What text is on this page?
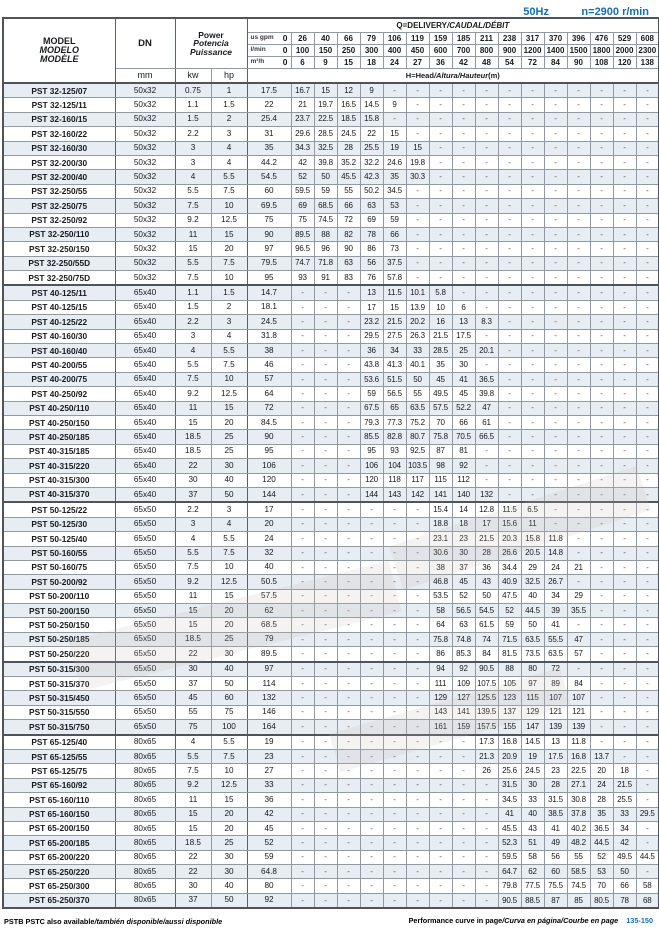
50Hz	n=2900 r/min
MODEL
MODELO
MODÈLE	DN	Power
Potencia
Puissance		Q=DELIVERY/CAUDAL/DÉBIT																

				us gpm 0	26	40	66	79	106	119	159	185	211	238	317	370	396	476	529	608

				l/min 0	100	150	250	300	400	450	600	700	800	900	1200	1400	1500	1800	2000	2300

				m³/h 0	6	9	15	18	24	27	36	42	48	54	72	84	90	108	120	138
	mm	kw	hp	H=Head/Altura/Hauteur(m)																
PST 32-125/07	50x32	0.75	1	17.5	16.7	15	12	9	-	-	-	-	-	-	-	-	-	-	-	-
PST 32-125/11	50x32	1.1	1.5	22	21	19.7	16.5	14.5	9	-	-	-	-	-	-	-	-	-	-	-
PST 32-160/15	50x32	1.5	2	25.4	23.7	22.5	18.5	15.8	-	-	-	-	-	-	-	-	-	-	-	-
PST 32-160/22	50x32	2.2	3	31	29.6	28.5	24.5	22	15	-	-	-	-	-	-	-	-	-	-	-
PST 32-160/30	50x32	3	4	35	34.3	32.5	28	25.5	19	15	-	-	-	-	-	-	-	-	-	-
PST 32-200/30	50x32	3	4	44.2	42	39.8	35.2	32.2	24.6	19.8	-	-	-	-	-	-	-	-	-	-
PST 32-200/40	50x32	4	5.5	54.5	52	50	45.5	42.3	35	30.3	-	-	-	-	-	-	-	-	-	-
PST 32-250/55	50x32	5.5	7.5	60	59.5	59	55	50.2	34.5	-	-	-	-	-	-	-	-	-	-	-
PST 32-250/75	50x32	7.5	10	69.5	69	68.5	66	63	53	-	-	-	-	-	-	-	-	-	-	-
PST 32-250/92	50x32	9.2	12.5	75	75	74.5	72	69	59	-	-	-	-	-	-	-	-	-	-	-
PST 32-250/110	50x32	11	15	90	89.5	88	82	78	66	-	-	-	-	-	-	-	-	-	-	-
PST 32-250/150	50x32	15	20	97	96.5	96	90	86	73	-	-	-	-	-	-	-	-	-	-	-
PST 32-250/55D	50x32	5.5	7.5	79.5	74.7	71.8	63	56	37.5	-	-	-	-	-	-	-	-	-	-	-
PST 32-250/75D	50x32	7.5	10	95	93	91	83	76	57.8	-	-	-	-	-	-	-	-	-	-	-
PST 40-125/11	65x40	1.1	1.5	14.7	-	-	-	13	11.5	10.1	5.8	-	-	-	-	-	-	-	-	-
PST 40-125/15	65x40	1.5	2	18.1	-	-	-	17	15	13.9	10	6	-	-	-	-	-	-	-	-
PST 40-125/22	65x40	2.2	3	24.5	-	-	-	23.2	21.5	20.2	16	13	8.3	-	-	-	-	-	-	-
PST 40-160/30	65x40	3	4	31.8	-	-	-	29.5	27.5	26.3	21.5	17.5	-	-	-	-	-	-	-	-
PST 40-160/40	65x40	4	5.5	38	-	-	-	36	34	33	28.5	25	20.1	-	-	-	-	-	-	-
PST 40-200/55	65x40	5.5	7.5	46	-	-	-	43.8	41.3	40.1	35	30	-	-	-	-	-	-	-	-
PST 40-200/75	65x40	7.5	10	57	-	-	-	53.6	51.5	50	45	41	36.5	-	-	-	-	-	-	-
PST 40-250/92	65x40	9.2	12.5	64	-	-	-	59	56.5	55	49.5	45	39.8	-	-	-	-	-	-	-
PST 40-250/110	65x40	11	15	72	-	-	-	67.5	65	63.5	57.5	52.2	47	-	-	-	-	-	-	-
PST 40-250/150	65x40	15	20	84.5	-	-	-	79.3	77.3	75.2	70	66	61	-	-	-	-	-	-	-
PST 40-250/185	65x40	18.5	25	90	-	-	-	85.5	82.8	80.7	75.8	70.5	66.5	-	-	-	-	-	-	-
PST 40-315/185	65x40	18.5	25	95	-	-	-	95	93	92.5	87	81	-	-	-	-	-	-	-	-
PST 40-315/220	65x40	22	30	106	-	-	-	106	104	103.5	98	92	-	-	-	-	-	-	-	-
PST 40-315/300	65x40	30	40	120	-	-	-	120	118	117	115	112	-	-	-	-	-	-	-	-
PST 40-315/370	65x40	37	50	144	-	-	-	144	143	142	141	140	132	-	-	-	-	-	-	-
PST 50-125/22	65x50	2.2	3	17	-	-	-	-	-	-	15.4	14	12.8	11.5	6.5	-	-	-	-	-
PST 50-125/30	65x50	3	4	20	-	-	-	-	-	-	18.8	18	17	15.6	11	-	-	-	-	-
PST 50-125/40	65x50	4	5.5	24	-	-	-	-	-	-	23.1	23	21.5	20.3	15.8	11.8	-	-	-	-
PST 50-160/55	65x50	5.5	7.5	32	-	-	-	-	-	-	30.6	30	28	26.6	20.5	14.8	-	-	-	-
PST 50-160/75	65x50	7.5	10	40	-	-	-	-	-	-	38	37	36	34.4	29	24	21	-	-	-
PST 50-200/92	65x50	9.2	12.5	50.5	-	-	-	-	-	-	46.8	45	43	40.9	32.5	26.7	-	-	-	-
PST 50-200/110	65x50	11	15	57.5	-	-	-	-	-	-	53.5	52	50	47.5	40	34	29	-	-	-
PST 50-200/150	65x50	15	20	62	-	-	-	-	-	-	58	56.5	54.5	52	44.5	39	35.5	-	-	-
PST 50-250/150	65x50	15	20	68.5	-	-	-	-	-	-	64	63	61.5	59	50	41	-	-	-	-
PST 50-250/185	65x50	18.5	25	79	-	-	-	-	-	-	75.8	74.8	74	71.5	63.5	55.5	47	-	-	-
PST 50-250/220	65x50	22	30	89.5	-	-	-	-	-	-	86	85.3	84	81.5	73.5	63.5	57	-	-	-
PST 50-315/300	65x50	30	40	97	-	-	-	-	-	-	94	92	90.5	88	80	72	-	-	-	-
PST 50-315/370	65x50	37	50	114	-	-	-	-	-	-	111	109	107.5	105	97	89	84	-	-	-
PST 50-315/450	65x50	45	60	132	-	-	-	-	-	-	129	127	125.5	123	115	107	107	-	-	-
PST 50-315/550	65x50	55	75	146	-	-	-	-	-	-	143	141	139.5	137	129	121	121	-	-	-
PST 50-315/750	65x50	75	100	164	-	-	-	-	-	-	161	159	157.5	155	147	139	139	-	-	-
PST 65-125/40	80x65	4	5.5	19	-	-	-	-	-	-	-	-	17.3	16.8	14.5	13	11.8	-	-	-
PST 65-125/55	80x65	5.5	7.5	23	-	-	-	-	-	-	-	-	21.3	20.9	19	17.5	16.8	13.7	-	-
PST 65-125/75	80x65	7.5	10	27	-	-	-	-	-	-	-	-	26	25.6	24.5	23	22.5	20	18	-
PST 65-160/92	80x65	9.2	12.5	33	-	-	-	-	-	-	-	-	-	31.5	30	28	27.1	24	21.5	-
PST 65-160/110	80x65	11	15	36	-	-	-	-	-	-	-	-	-	34.5	33	31.5	30.8	28	25.5	-
PST 65-160/150	80x65	15	20	42	-	-	-	-	-	-	-	-	-	41	40	38.5	37.8	35	33	29.5
PST 65-200/150	80x65	15	20	45	-	-	-	-	-	-	-	-	-	45.5	43	41	40.2	36.5	34	-
PST 65-200/185	80x65	18.5	25	52	-	-	-	-	-	-	-	-	-	52.3	51	49	48.2	44.5	42	-
PST 65-200/220	80x65	22	30	59	-	-	-	-	-	-	-	-	-	59.5	58	56	55	52	49.5	44.5
PST 65-250/220	80x65	22	30	64.8	-	-	-	-	-	-	-	-	-	64.7	62	60	58.5	53	50	-
PST 65-250/300	80x65	30	40	80	-	-	-	-	-	-	-	-	-	79.8	77.5	75.5	74.5	70	66	58
PST 65-250/370	80x65	37	50	92	-	-	-	-	-	-	-	-	-	90.5	88.5	87	85	80.5	78	68
PSTB PSTC also available/también disponible/aussi disponible	Performance curve in page/Curva en página/Courbe en page 135-150
